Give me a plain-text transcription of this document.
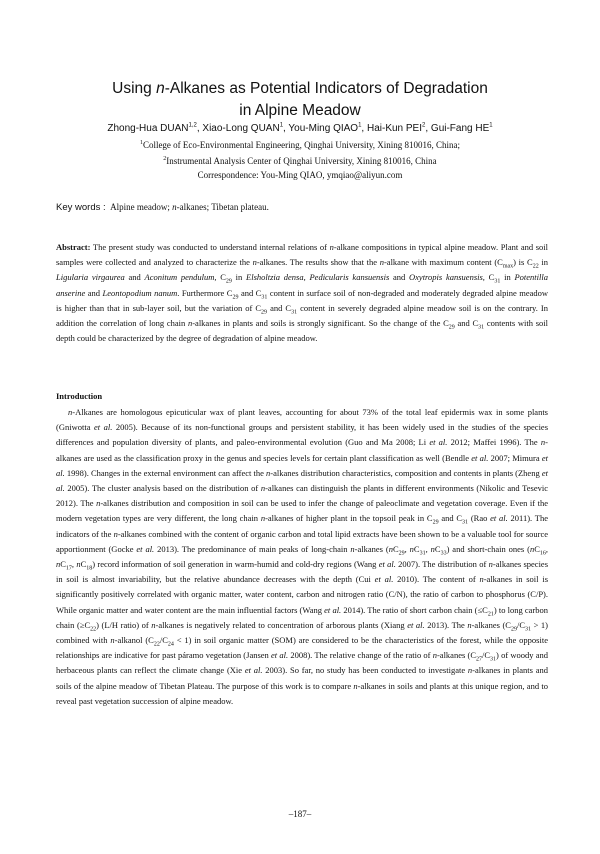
Using n-Alkanes as Potential Indicators of Degradation
in Alpine Meadow
Zhong-Hua DUAN$^{1,2}$, Xiao-Long QUAN$^1$, You-Ming QIAO$^1$, Hai-Kun PEI$^2$, Gui-Fang $HE^1$
$^1$College of Eco-Environmental Engineering, Qinghai University, Xining 810016, China;
$^2$Instrumental Analysis Center of Qinghai University, Xining 810016, China
Correspondence: You-Ming QIAO, ymqiao@aliyun.com
Key words :  Alpine meadow; n-alkanes; Tibetan plateau.
Abstract: The present study was conducted to understand internal relations of n-alkane compositions in typical alpine meadow. Plant and soil samples were collected and analyzed to characterize the n-alkanes. The results show that the n-alkane with maximum content $(C_{max})$ is $C_{22}$ in Ligularia virgaurea and Aconitum pendulum, $C_{29}$ in Elsholtzia densa, Pedicularis kansuensis and Oxytropis kansuensis, $C_{31}$ in Potentilla anserine and Leontopodium nanum. Furthermore $C_{29}$ and $C_{31}$ content in surface soil of non-degraded and moderately degraded alpine meadow is higher than that in sub-layer soil, but the variation of $C_{29}$ and $C_{31}$ content in severely degraded alpine meadow soil is on the contrary. In addition the correlation of long chain n-alkanes in plants and soils is strongly significant. So the change of the $C_{29}$ and $C_{31}$ contents with soil depth could be characterized by the degree of degradation of alpine meadow.
Introduction
n-Alkanes are homologous epicuticular wax of plant leaves, accounting for about 73% of the total leaf epidermis wax in some plants (Gniwotta et al. 2005). Because of its non-functional groups and persistent stability, it has been widely used in the studies of the species differences and population diversity of plants, and paleo-environmental evolution (Guo and Ma 2008; Li et al. 2012; Maffei 1996). The n-alkanes are used as the classification proxy in the genus and species levels for certain plant classification as well (Bendle et al. 2007; Mimura et al. 1998). Changes in the external environment can affect the n-alkanes distribution characteristics, composition and contents in plants (Zheng et al. 2005). The cluster analysis based on the distribution of n-alkanes can distinguish the plants in different environments (Nikolic and Tesevic 2012). The n-alkanes distribution and composition in soil can be used to infer the change of paleoclimate and vegetation coverage. Even if the modern vegetation types are very different, the long chain n-alkanes of higher plant in the topsoil peak in $C_{29}$ and $C_{31}$ (Rao et al. 2011). The indicators of the n-alkanes combined with the content of organic carbon and total lipid extracts have been shown to be a valuable tool for source apportionment (Gocke et al. 2013). The predominance of main peaks of long-chain n-alkanes ($nC_{29}$, $nC_{31}$, $nC_{33}$) and short-chain ones ($nC_{16}$, $nC_{17}$, $nC_{18}$) record information of soil generation in warm-humid and cold-dry regions (Wang et al. 2007). The distribution of n-alkanes species in soil is almost invariability, but the relative abundance decreases with the depth (Cui et al. 2010). The content of n-alkanes in soil is significantly positively correlated with organic matter, water content, carbon and nitrogen ratio (C/N), the ratio of carbon to phosphorus (C/P). While organic matter and water content are the main influential factors (Wang et al. 2014). The ratio of short carbon chain $(\le C_{21})$ to long carbon chain $(\ge C_{22})$ (L/H ratio) of n-alkanes is negatively related to concentration of arborous plants (Xiang et al. 2013). The n-alkanes $(C_{29}/C_{31} > 1)$ combined with n-alkanol $(C_{22}/C_{24} < 1)$ in soil organic matter (SOM) are considered to be the characteristics of the forest, while the opposite relationships are indicative for past páramo vegetation (Jansen et al. 2008). The relative change of the ratio of n-alkanes $(C_{27}/C_{31})$ of woody and herbaceous plants can reflect the climate change (Xie et al. 2003). So far, no study has been conducted to investigate n-alkanes in plants and soils of the alpine meadow of Tibetan Plateau. The purpose of this work is to compare n-alkanes in soils and plants at this unique region, and to reveal past vegetation succession of alpine meadow.
–187–
